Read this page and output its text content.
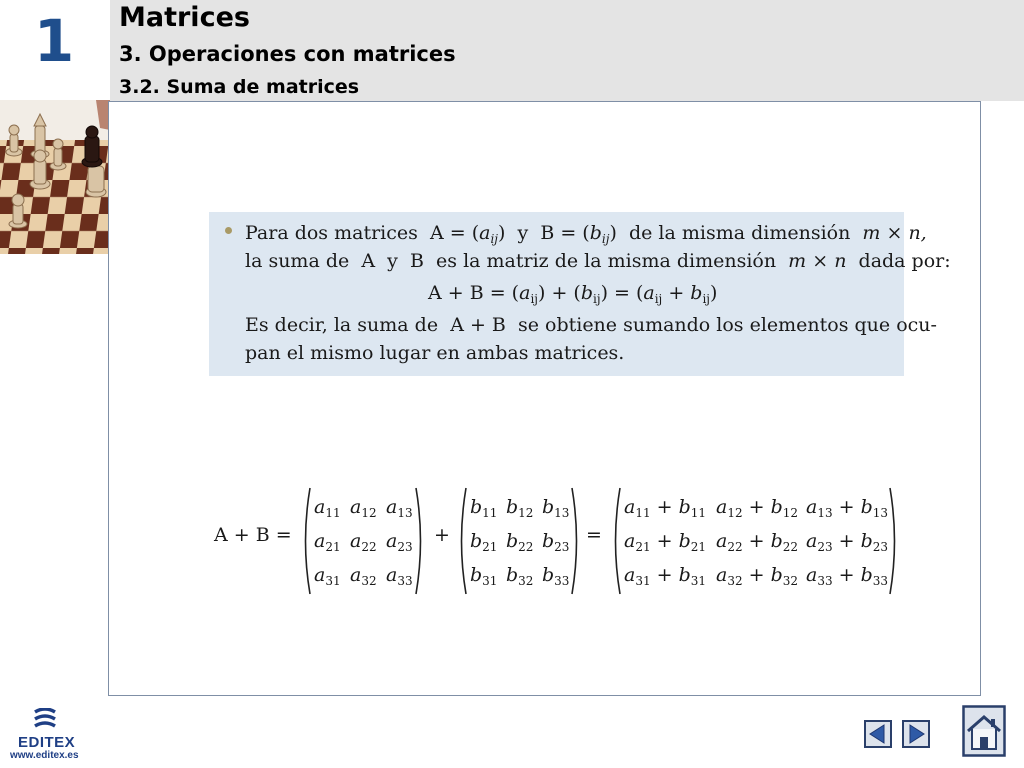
1	Matrices
3. Operaciones con matrices
3.2. Suma de matrices
Para dos matrices $A = (a_{ij})$ y $B = (b_{ij})$ de la misma dimensión m × n,
la suma de A y B es la matriz de la misma dimensión m × n dada por:
$A + B = (a_{ij}) + (b_{ij}) = (a_{ij} + b_{ij})$
Es decir, la suma de A + B se obtiene sumando los elementos que ocu-
pan el mismo lugar en ambas matrices.
A + B =
$a_{11}$ $a_{12}$ $a_{13}$
$a_{21}$ $a_{22}$ $a_{23}$
$a_{31}$ $a_{32}$ $a_{33}$
+
$b_{11}$ $b_{12}$ $b_{13}$
$b_{21}$ $b_{22}$ $b_{23}$
$b_{31}$ $b_{32}$ $b_{33}$
=
$a_{11} + b_{11}$ $a_{12} + b_{12}$ $a_{13} + b_{13}$
$a_{21} + b_{21}$ $a_{22} + b_{22}$ $a_{23} + b_{23}$
$a_{31} + b_{31}$ $a_{32} + b_{32}$ $a_{33} + b_{33}$
EDITEX
www.editex.es
